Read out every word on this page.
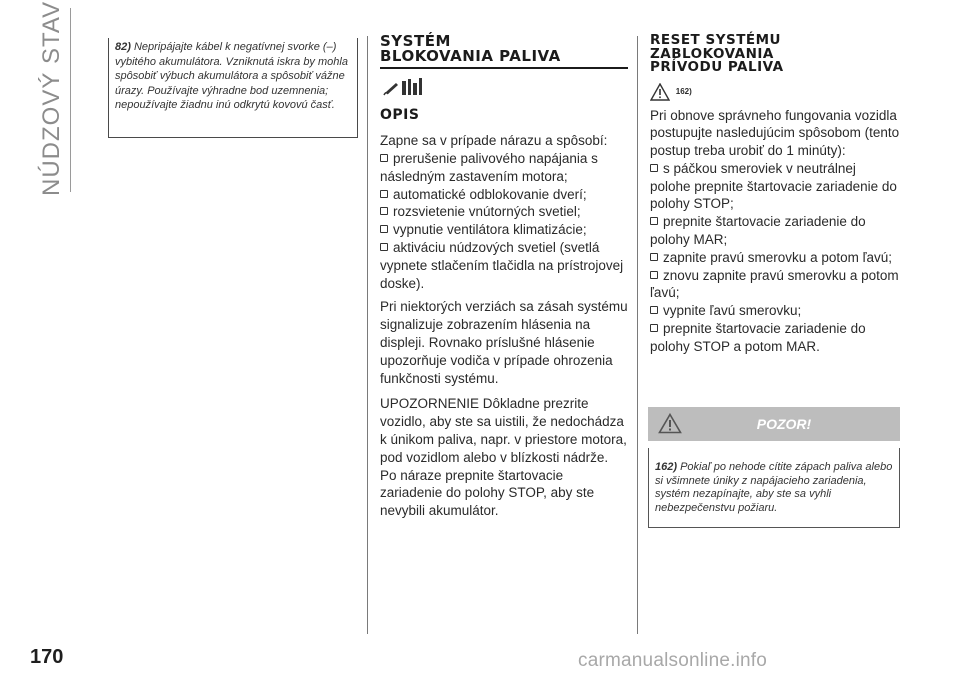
NÚDZOVÝ STAV
170	carmanualsonline.info
82) Nepripájajte kábel k negatívnej svorke (–) vybitého akumulátora. Vzniknutá iskra by mohla spôsobiť výbuch akumulátora a spôsobiť vážne úrazy. Používajte výhradne bod uzemnenia; nepoužívajte žiadnu inú odkrytú kovovú časť.
SYSTÉM
BLOKOVANIA PALIVA
OPIS

Zapne sa v prípade nárazu a spôsobí:

prerušenie palivového napájania s následným zastavením motora;

automatické odblokovanie dverí;

rozsvietenie vnútorných svetiel;

vypnutie ventilátora klimatizácie;

aktiváciu núdzových svetiel (svetlá vypnete stlačením tlačidla na prístrojovej doske).

Pri niektorých verziách sa zásah systému signalizuje zobrazením hlásenia na displeji. Rovnako príslušné hlásenie upozorňuje vodiča v prípade ohrozenia funkčnosti systému.

UPOZORNENIE Dôkladne prezrite vozidlo, aby ste sa uistili, že nedochádza k únikom paliva, napr. v priestore motora, pod vozidlom alebo v blízkosti nádrže. Po náraze prepnite štartovacie zariadenie do polohy STOP, aby ste nevybili akumulátor.

RESET SYSTÉMU
ZABLOKOVANIA
PRÍVODU PALIVA
162)

Pri obnove správneho fungovania vozidla postupujte nasledujúcim spôsobom (tento postup treba urobiť do 1 minúty):

s páčkou smeroviek v neutrálnej polohe prepnite štartovacie zariadenie do polohy STOP;

prepnite štartovacie zariadenie do polohy MAR;

zapnite pravú smerovku a potom ľavú;

znovu zapnite pravú smerovku a potom ľavú;

vypnite ľavú smerovku;

prepnite štartovacie zariadenie do polohy STOP a potom MAR.

POZOR!
162) Pokiaľ po nehode cítite zápach paliva alebo si všimnete úniky z napájacieho zariadenia, systém nezapínajte, aby ste sa vyhli nebezpečenstvu požiaru.
